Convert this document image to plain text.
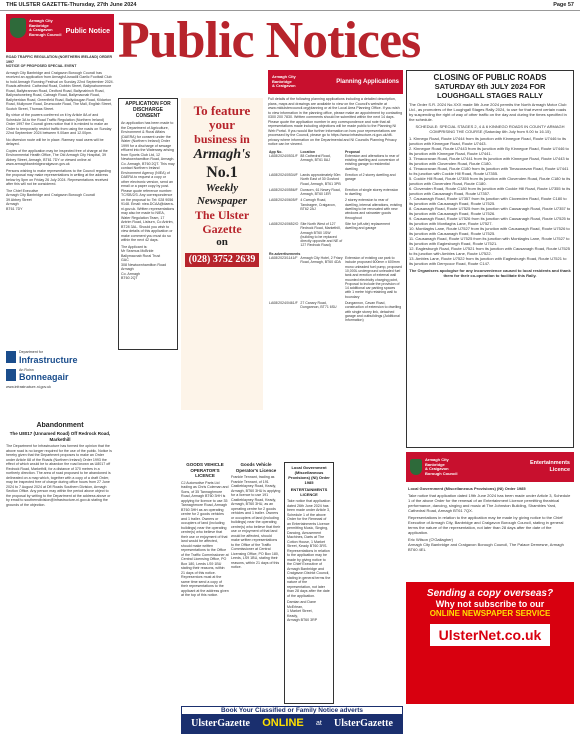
THE ULSTER GAZETTE-Thursday, 27th June 2024	Page 57
Armagh City
Banbridge
& Craigavon
Borough Council Public Notice Public Notices
ROAD TRAFFIC REGULATION (NORTHERN IRELAND) ORDER 1997
NOTICE OF PROPOSED SPECIAL EVENT
Armagh City Banbridge and Craigavon Borough Council has received an application from Armagh/Lisnadill Gaelic Football Club to hold Armagh Running Festival on Sunday 22nd September 2024. Roads affected: Cathedral Road, Dobbin Street, Ballynahonemore Road, Ballybrannan Road, Dedford Road, Ballynahinch Road, Ballynahonebeg Road, Cabragh Road, Ballymacnab Road, Ballyheridan Road, Greenfield Road, Ballydougan Road, Kildarton Road, Mullynure Road, Drumcoote Road, The Mall, English Street, Scotch Street, Thomas Street.
By virtue of the powers conferred on it by Article 8A of and Schedule 3A to the Road Traffic Regulation (Northern Ireland) Order 1997 the Council gives notice that it is minded to make an Order to temporarily restrict traffic from using the roads on Sunday 22nd September 2024 between 9.00am and 12.00pm.
No diversion route will be in place. Ramsey road users will be delayed.
Copies of the application may be inspected free of charge at the Environmental Health Office, The Old Armagh City Hospital, 39 Abbey Street, Armagh, BT61 7DY or viewed online at www.armaghbanbridgecraigavon.gov.uk
Persons wishing to make representations to the Council regarding the proposal may make representations in writing at the address below by 5pm on Friday 26 July 2024. Representations received after this will not be considered.
The Chief Executive
Armagh City Banbridge and Craigavon Borough Council
39 Abbey Street
Armagh
BT61 7DY
Department for
Infrastructure
An Roinn
Bonneagair
www.infrastructure-ni.gov.uk
Abandonment
The U8017 (Unnamed Road) Off Redrock Road, Markethill
The Department for Infrastructure has formed the opinion that the above road is no longer required for the use of the public. Notice is hereby given that the Department proposes to make an Order under Article 68 of the Roads (Northern Ireland) Order 1993 the effect of which would be to abandon the road known as U8017 off Redrock Road, Markethill, for a distance of 370 metres in a northerly direction. The area of road proposed to be abandoned is delineated on a map which, together with a copy of a draft Order, may be inspected free of charge during office hours from 27 June 2024 to 7 August 2024 at DfI Roads Southern Division, Armagh Section Office. Any person may within the period above object to the proposal by writing to the Department at the address above or by email to southerndivision@infrastructure-ni.gov.uk stating the grounds of the objection.
APPLICATION FOR DISCHARGE CONSENT
An application has been made to the Department of Agriculture, Environment & Rural Affairs (DAERA) for consent under the Water (Northern Ireland) Order 1999 for a discharge of sewage effluent into the Waterway arising from Sports Club Ltd, 12 Newtownhamilton Road, Armagh. Co. Armagh, BT60 2QT. This may contact Northern Ireland Environment Agency (NIEA) of DAERA to request a copy or other electronic version, send an email or a paper copy by post. Please quote reference number: TC/SB/2/3. Any correspondence on the proposal to: Tel: 028 9056 9148. Email: niea.DCAA@daera-ni.gov.uk. Written representations may also be made to NIEA, Water Regulation Team, 17 Antrim Road, Lisburn, Co Antrim, BT28 3AL. Should you wish to view details of this application or make comment you must do so within the next 42 days.
The Applicant is:
Mr Seamus McBride
Ballymacnab Rural Trust
GAC
308 Newtownhamilton Road
Armagh
Co. Armagh
BT60 2QT
To feature
your
business in
Armagh's
No.1
Weekly
Newspaper
The Ulster
Gazette
on
(028) 3752 2639
Armagh City
Banbridge
& Craigavon
Planning Applications
Full details of the following planning applications including a detailed description, plans, maps and drawings are available to view on the Council's website at www.midulstercouncil.org/planning or at the Local Area Planning Office. If you wish to view information in the planning office, please make an appointment by contacting 0300 200 7830. Written comments should be submitted within the next 14 days. Please quote the application number in any correspondence and note that all representations made including objections will be made public to the Planning NI Web Portal. If you would like further information on how your representations are processed by the Council, please go to https://www.infrastructure-ni.gov.uk/dfi-privacy where information on the Departmental and NI Councils Planning Privacy notice can be viewed.
App No.	Location	Proposal
LA08/2024/0531/F	88 Cathedral Road, Armagh, BT61 8AJ	Extension and alterations to rear of existing dwelling and conversion of existing garage to residential dwelling
LA08/2024/0534/F	Lands approximately 50m North East of 30 Gosford Road, Armagh, BT61 3PB	Erection of 2 storey dwelling and garage
LA08/2024/0556/F	Dunsorn, 61 Newry Road, Armagh, BT60 1ER	Erection of single storey extension to dwelling
LA08/2024/0605/F	4 Carrogh Road, Tandragee, Craigavon, BT62 2AJ	2 storey extension to rear of dwelling, internal alterations, existing dwelling to be renovated with new windows and rainwater goods throughout
LA08/2024/0652/O	Site North West of 127 Redrock Road, Markethill, Armagh BT60 1SW (building to be replaced directly opposite and NE of 127 Redrock Road)	Site for (off-site) replacement dwelling and garage
Re-advertisements		
LA08/2023/1141/F	Armagh City Hotel, 2 Friary Road, Armagh, BT60 4DA	Extension of existing car park to include proposed 600mm x 600mm mono unleaded fuel pump, proposed 10,000L underground unleaded fuel tank and erection of external wall mounted electricity charging point, Proposal to include the provision of 14 additional car parking spaces with 1 metre high retaining wall to boundary
LA08/2024/0461/F	27 Canary Road, Dungannon, BT71 6SU	Dungannon, Cavan Road, construction of extension to dwelling with single storey link, detached garage and outbuildings (Additional Information)
GOODS VEHICLE OPERATOR'S LICENCE
CJ Automotive Parts Ltd trading as Chris Coleman and Sons, of 35 Tannaghmore Road, Armagh BT60 3HH is applying for licence to use 35 Tannaghmore Road, Armagh BT60 3HH as an operating centre for 2 goods vehicles and 1 trailer. Owners or occupiers of land (including buildings) near the operating centre(s) who believe that their use or enjoyment of that land would be affected, should make written representations to the Office of the Traffic Commissioner at Central Licensing Office, PO Box 180, Leeds LS9 1BU stating their reasons, within 21 days of this notice. Representors must at the same time send a copy of their representations to the applicant at the address given at the top of this notice.
Goods Vehicle Operator's Licence
Frankie Tennant, trading as Frankie Tennant, of 191 Castleblayney Road, Keady, Armagh, BT60 3HU is applying for a licence to use 191 Castleblayney Road, Keady, Armagh, BT60 3HU, as an operating centre for 2 goods vehicles and 1 trailer. Owners or occupiers of land (including buildings) near the operating centre(s) who believe that their use or enjoyment of that land would be affected, should make written representations to the Office of the Traffic Commissioner at Central Licensing Office, PO Box 180, Leeds, LS9 1BU, stating their reasons, within 21 days of this notice.
Local Government (Miscellaneous Provisions) (NI) Order 1985
ENTERTAINMENTS LICENCE
Take notice that application dated 26th June 2024 has been made under Article 3, Schedule 1 of the above Order for the Renewal of an Entertainments Licence permitting Music, Singing, Dancing, Amusement Machines, Darts at The Cotton House, 1 Market Street, Keady BT60 3RS. Representations in relation to the application may be made by giving notice to the Chief Executive of Armagh Banbridge and Craigavon District Council, stating in general terms the nature of the representation, not later than 28 days after the date of the application.
Damian and Dane McErlean,
1 Market Street,
Keady,
Armagh BT60 3RP
CLOSING OF PUBLIC ROADS
SATURDAY 6th JULY 2024 FOR
LOUGHGALL STAGES RALLY
The Order S.R. 2024 No.XXX made 5th June 2024 permits the North Armagh Motor Club Ltd., as promoters of the Loughgall Stages Rally 2024, to use for that event certain roads by suspending the right of way of other traffic on the day and during the times specified in the schedule.
SCHEDULE: SPECIAL STAGES 2, 4 & 6 KINNEGO ROADS IN COUNTY ARMAGH COMPRISING THE COURSE (Saturday 6th July from 9.00 to 16.15)
1. Kinnego Road, Route U7444 from its junction with Kinnegoe Road, Route U7446 to its junction with Kinnegoe Road, Route U7443.
2. Kinnegoe Road, Route U7443 from its junction with By Kinnegoe Road, Route U7446 to its junction with Kinnegoe Road, Route U7441.
3. Timacoravan Road, Route U7441 from its junction with Kinnegoe Road, Route U7443 to its junction with Clovenden Road, Route C180.
4. Timacoravan Road, Route C180 from its junction with Timacoravan Road, Route U7441 to its junction with Cockle Hill Road, Route U7355.
5. Cockle Hill Road, Route U7355 from its junction with Clovenden Road, Route C180 to its junction with Clovenden Road, Route C180.
6. Clovenden Road, Route C180 from its junction with Cockle Hill Road, Route U7355 to its junction with Causanagh Road, Route U7357.
7. Causanagh Road, Route U7357 from its junction with Clovenden Road, Route C180 to its junction with Causanagh Road, Route U7525.
8. Causanagh Road, Route U7525 from its junction with Causanagh Road, Route U7357 to its junction with Causanagh Road, Route U7526.
9. Causanagh Road, Route U7526 from its junction with Causanagh Road, Route U7525 to its junction with Montiaghs Lane, Route U7527.
10. Montiaghs Lane, Route U7527 from its junction with Causanagh Road, Route U7526 to its junction with Causanagh Road, Route U7525.
11. Causanagh Road, Route U7525 from its junction with Montiaghs Lane, Route U7527 to its junction with Eaglesburgh Road, Route U7521.
12. Eaglesburgh Road, Route U7521 from its junction with Causanagh Road, Route U7525 to its junction with Ambles Lane, Route U7522.
13. Ambles Lane, Route U7522 from its junction with Eaglesburgh Road, Route U7521 to its junction with Derrycoor Road, Route C147.
The Organisers apologise for any inconvenience caused to local residents and thank them for their co-operation to facilitate this Rally.
Armagh City
Banbridge
& Craigavon
Borough Council
Entertainments Licence
Local Government (Miscellaneous Provisions) (NI) Order 1985
Take notice that application dated 19th June 2024 has been made under Article 3, Schedule 1 of the above Order for the renewal of an Entertainment Licence permitting theatrical performance, dancing, singing and music at The Johnston Building, Shambles Yard, Cathedral Road, Armagh BT61 7QX.
Representations in relation to the application may be made by giving notice to the Chief Executive of Armagh City, Banbridge and Craigavon Borough Council, stating in general terms the nature of the representation, not later than 28 days after the date of the application.
Eric Wilson (O'Gallagher)
Armagh City Banbridge and Craigavon Borough Council, The Palace Demesne, Armagh BT60 4EL
Sending a copy overseas?
Why not subscribe to our
ONLINE NEWSPAPER SERVICE
UlsterNet.co.uk
Book Your Classified or Family Notice adverts
UlsterGazette ONLINE at UlsterGazette
